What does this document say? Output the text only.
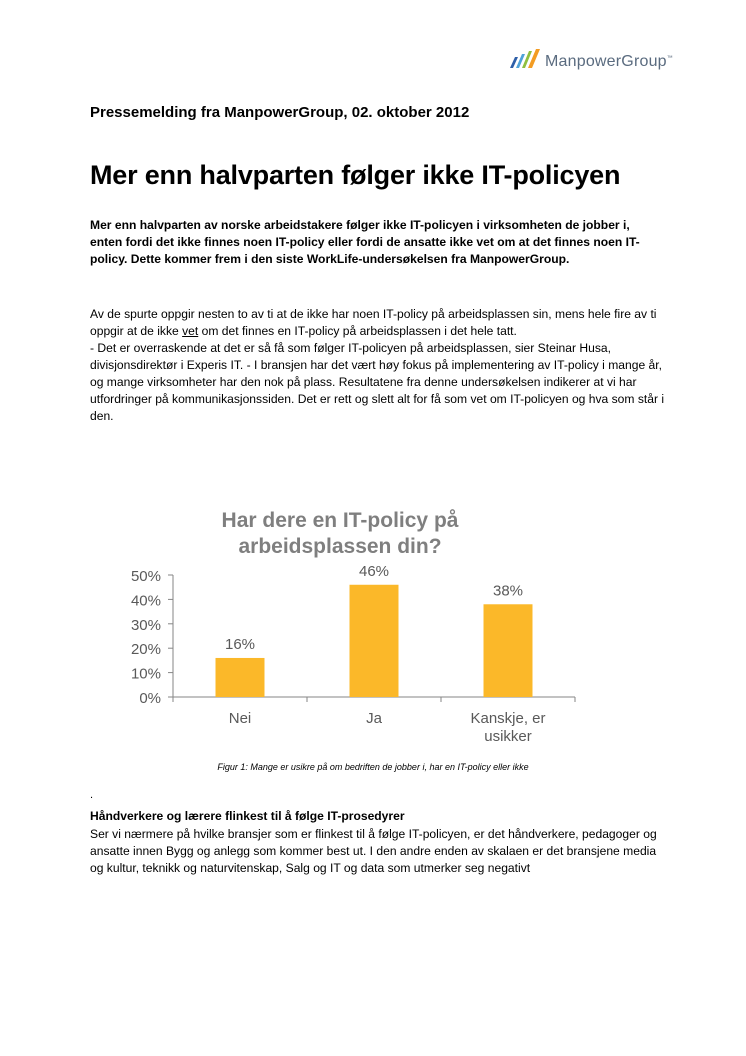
ManpowerGroup™
Pressemelding fra ManpowerGroup, 02. oktober 2012
Mer enn halvparten følger ikke IT-policyen

Mer enn halvparten av norske arbeidstakere følger ikke IT-policyen i virksomheten de jobber i, enten fordi det ikke finnes noen IT-policy eller fordi de ansatte ikke vet om at det finnes noen IT-policy. Dette kommer frem i den siste WorkLife-undersøkelsen fra ManpowerGroup.

Av de spurte oppgir nesten to av ti at de ikke har noen IT-policy på arbeidsplassen sin, mens hele fire av ti oppgir at de ikke vet om det finnes en IT-policy på arbeidsplassen i det hele tatt.
- Det er overraskende at det er så få som følger IT-policyen på arbeidsplassen, sier Steinar Husa, divisjonsdirektør i Experis IT. - I bransjen har det vært høy fokus på implementering av IT-policy i mange år, og mange virksomheter har den nok på plass. Resultatene fra denne undersøkelsen indikerer at vi har utfordringer på kommunikasjonssiden. Det er rett og slett alt for få som vet om IT-policyen og hva som står i den.
Har dere en IT-policy på
arbeidsplassen din?
0%
10%
20%
30%
40%
50%
16%
Nei
46%
Ja
38%
Kanskje, er
usikker
Figur 1: Mange er usikre på om bedriften de jobber i, har en IT-policy eller ikke
.
Håndverkere og lærere flinkest til å følge IT-prosedyrer

Ser vi nærmere på hvilke bransjer som er flinkest til å følge IT-policyen, er det håndverkere, pedagoger og ansatte innen Bygg og anlegg som kommer best ut. I den andre enden av skalaen er det bransjene media og kultur, teknikk og naturvitenskap, Salg og IT og data som utmerker seg negativt
